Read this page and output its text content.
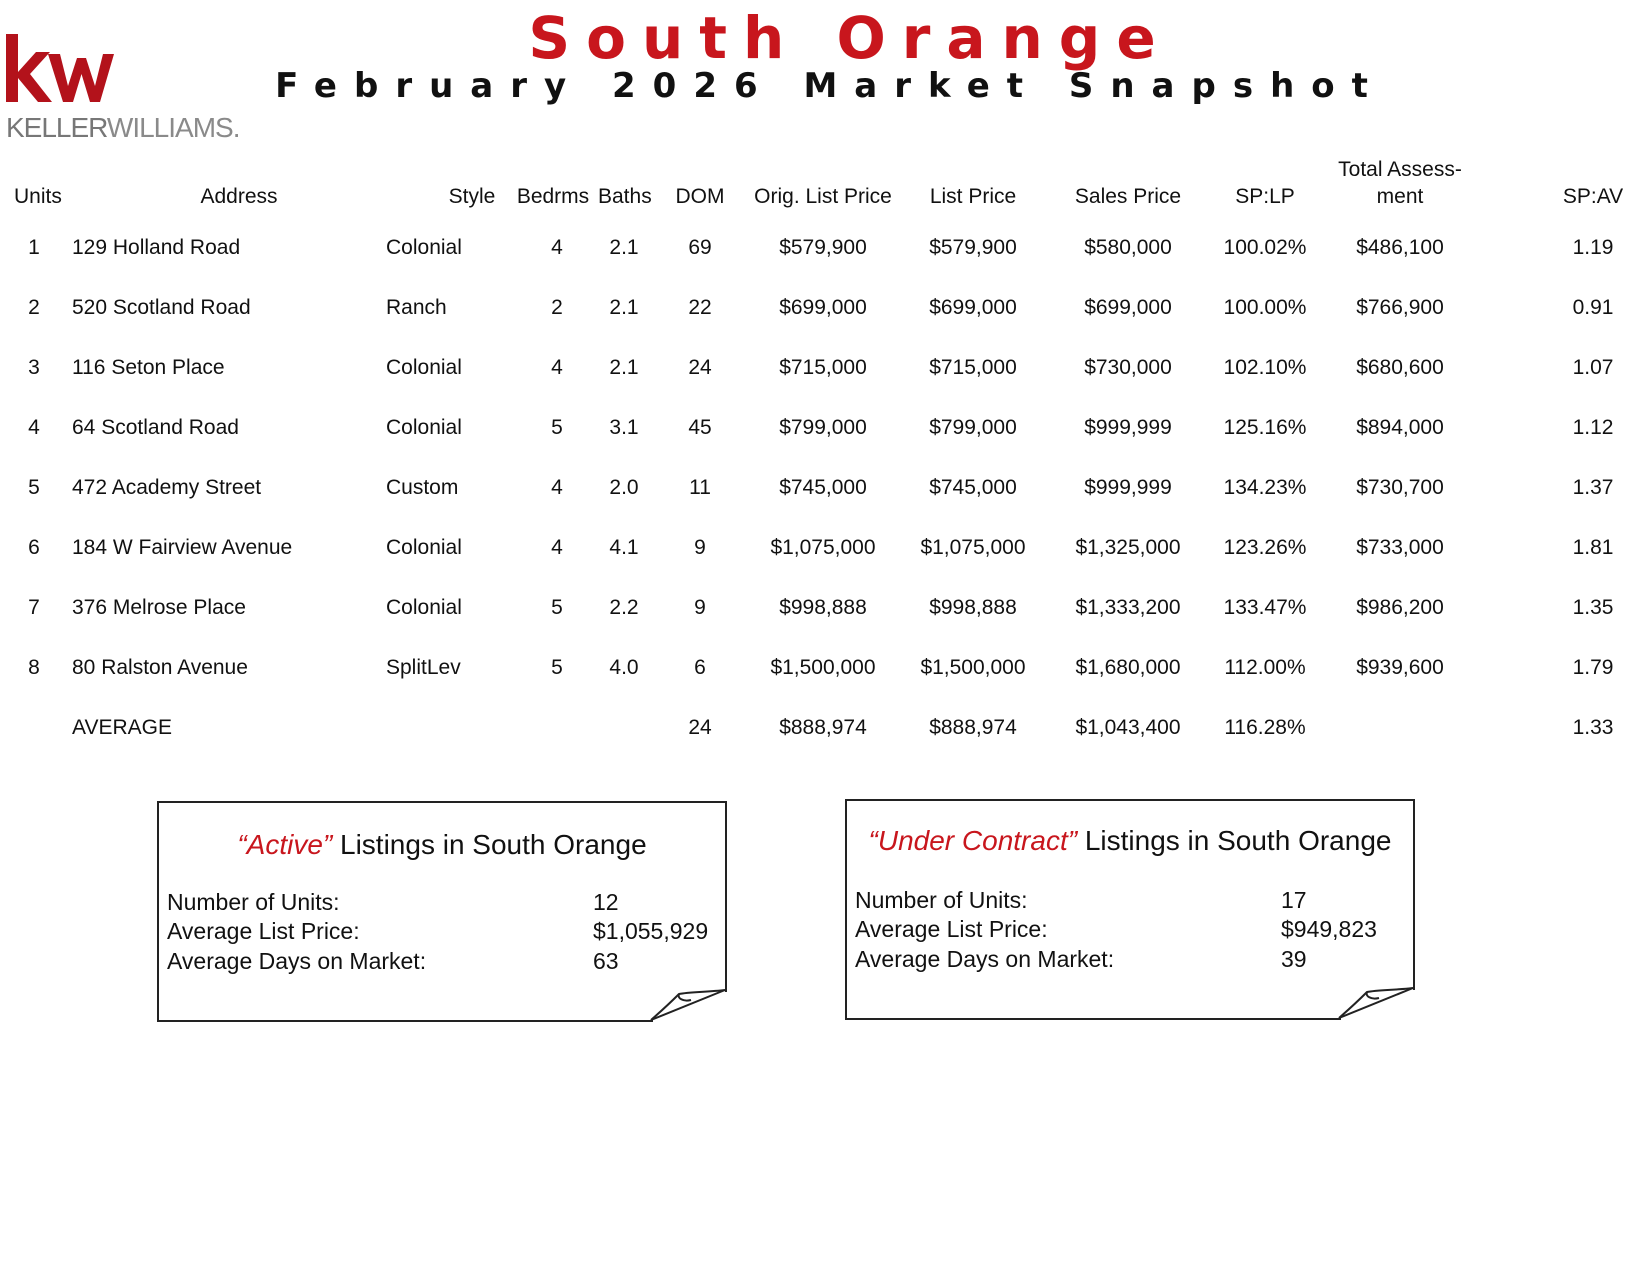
KELLERWILLIAMS.
South Orange
February 2026 Market Snapshot
Units	Address	Style	Bedrms	Baths	DOM	Orig. List Price	List Price	Sales Price	SP:LP	Total Assess-
ment	SP:AV
1	129 Holland Road	Colonial	4	2.1	69	$579,900	$579,900	$580,000	100.02%	$486,100	1.19
2	520 Scotland Road	Ranch	2	2.1	22	$699,000	$699,000	$699,000	100.00%	$766,900	0.91
3	116 Seton Place	Colonial	4	2.1	24	$715,000	$715,000	$730,000	102.10%	$680,600	1.07
4	64 Scotland Road	Colonial	5	3.1	45	$799,000	$799,000	$999,999	125.16%	$894,000	1.12
5	472 Academy Street	Custom	4	2.0	11	$745,000	$745,000	$999,999	134.23%	$730,700	1.37
6	184 W Fairview Avenue	Colonial	4	4.1	9	$1,075,000	$1,075,000	$1,325,000	123.26%	$733,000	1.81
7	376 Melrose Place	Colonial	5	2.2	9	$998,888	$998,888	$1,333,200	133.47%	$986,200	1.35
8	80 Ralston Avenue	SplitLev	5	4.0	6	$1,500,000	$1,500,000	$1,680,000	112.00%	$939,600	1.79
	AVERAGE				24	$888,974	$888,974	$1,043,400	116.28%		1.33
“Active” Listings in South Orange
Number of Units:	12
Average List Price:	$1,055,929
Average Days on Market:	63
“Under Contract” Listings in South Orange
Number of Units:	17
Average List Price:	$949,823
Average Days on Market:	39
